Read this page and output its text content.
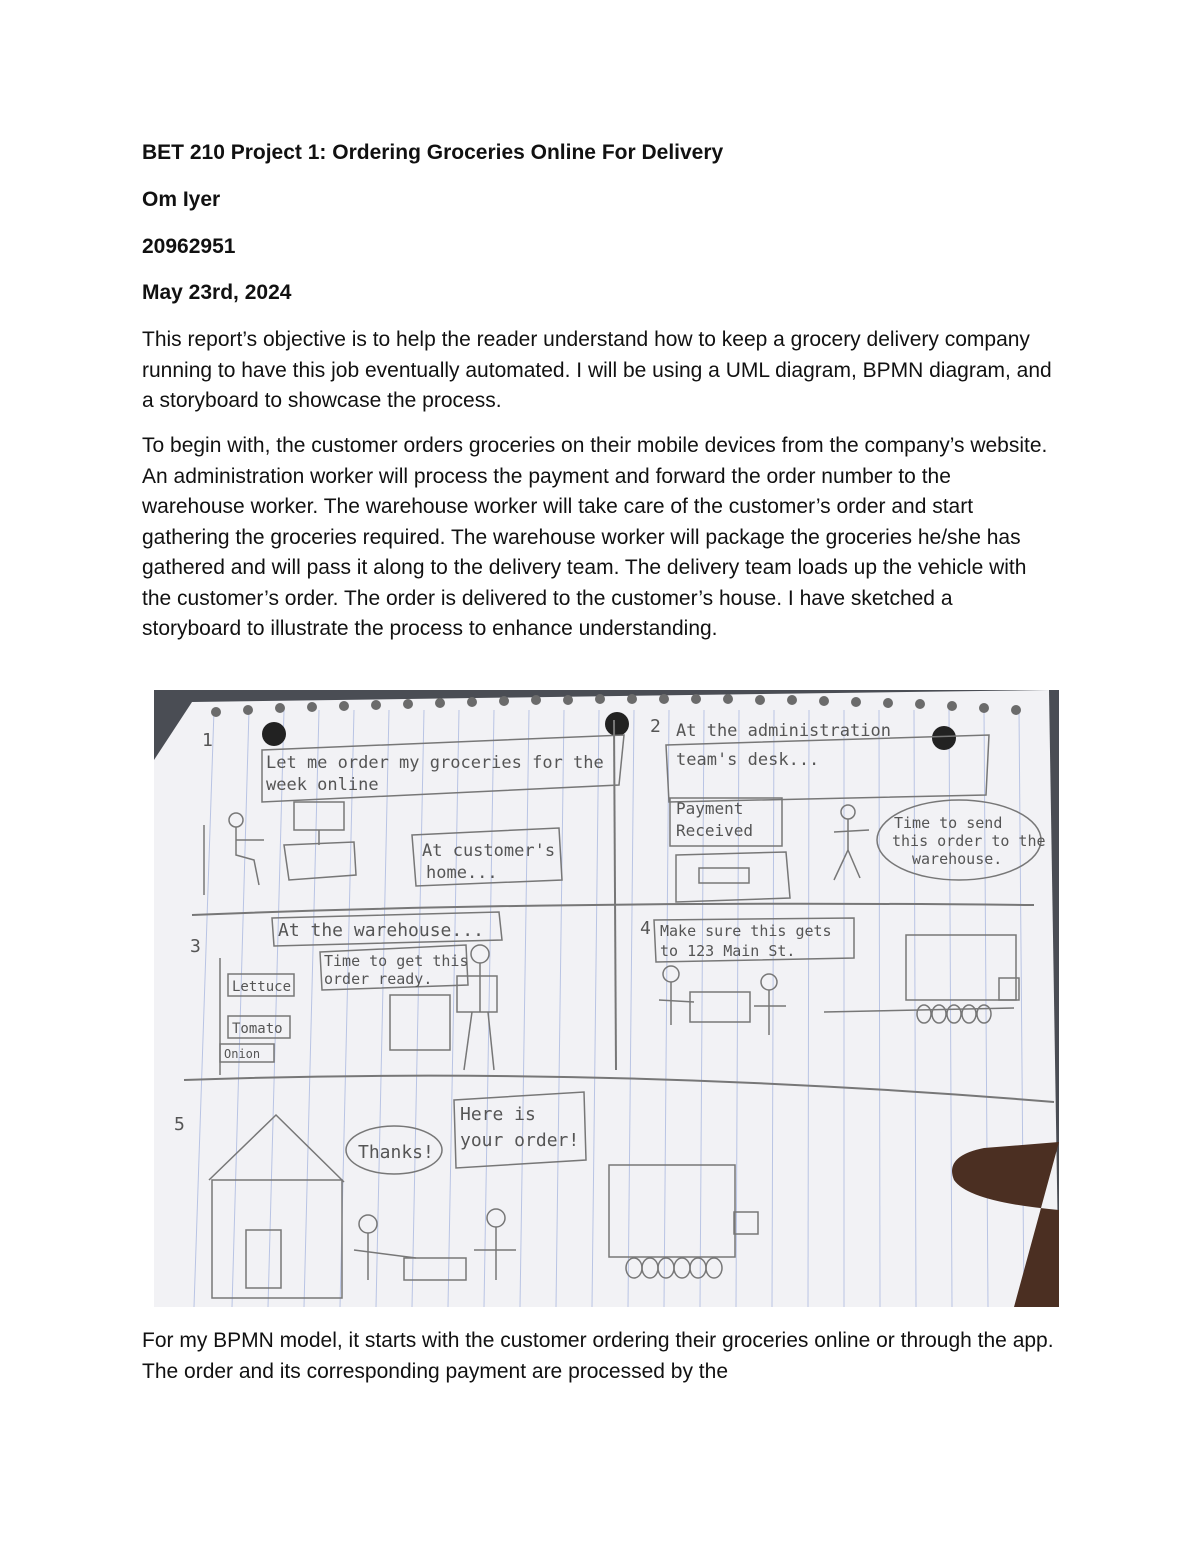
BET 210 Project 1: Ordering Groceries Online For Delivery
Om Iyer
20962951
May 23rd, 2024
This report’s objective is to help the reader understand how to keep a grocery delivery company running to have this job eventually automated. I will be using a UML diagram, BPMN diagram, and a storyboard to showcase the process.
To begin with, the customer orders groceries on their mobile devices from the company’s website. An administration worker will process the payment and forward the order number to the warehouse worker. The warehouse worker will take care of the customer’s order and start gathering the groceries required. The warehouse worker will package the groceries he/she has gathered and will pass it along to the delivery team. The delivery team loads up the vehicle with the customer’s order. The order is delivered to the customer’s house. I have sketched a storyboard to illustrate the process to enhance understanding.
For my BPMN model, it starts with the customer ordering their groceries online or through the app. The order and its corresponding payment are processed by the
1
Let me order my groceries for the
week online
At customer's
home...
2 At the administration
team's desk...
Payment
Received	Time to send
this order to the
warehouse.
3
At the warehouse...
Time to get this
order ready.
Lettuce
Tomato
Onion
4 Make sure this gets
to 123 Main St.
5
Thanks!
Here is
your order!
